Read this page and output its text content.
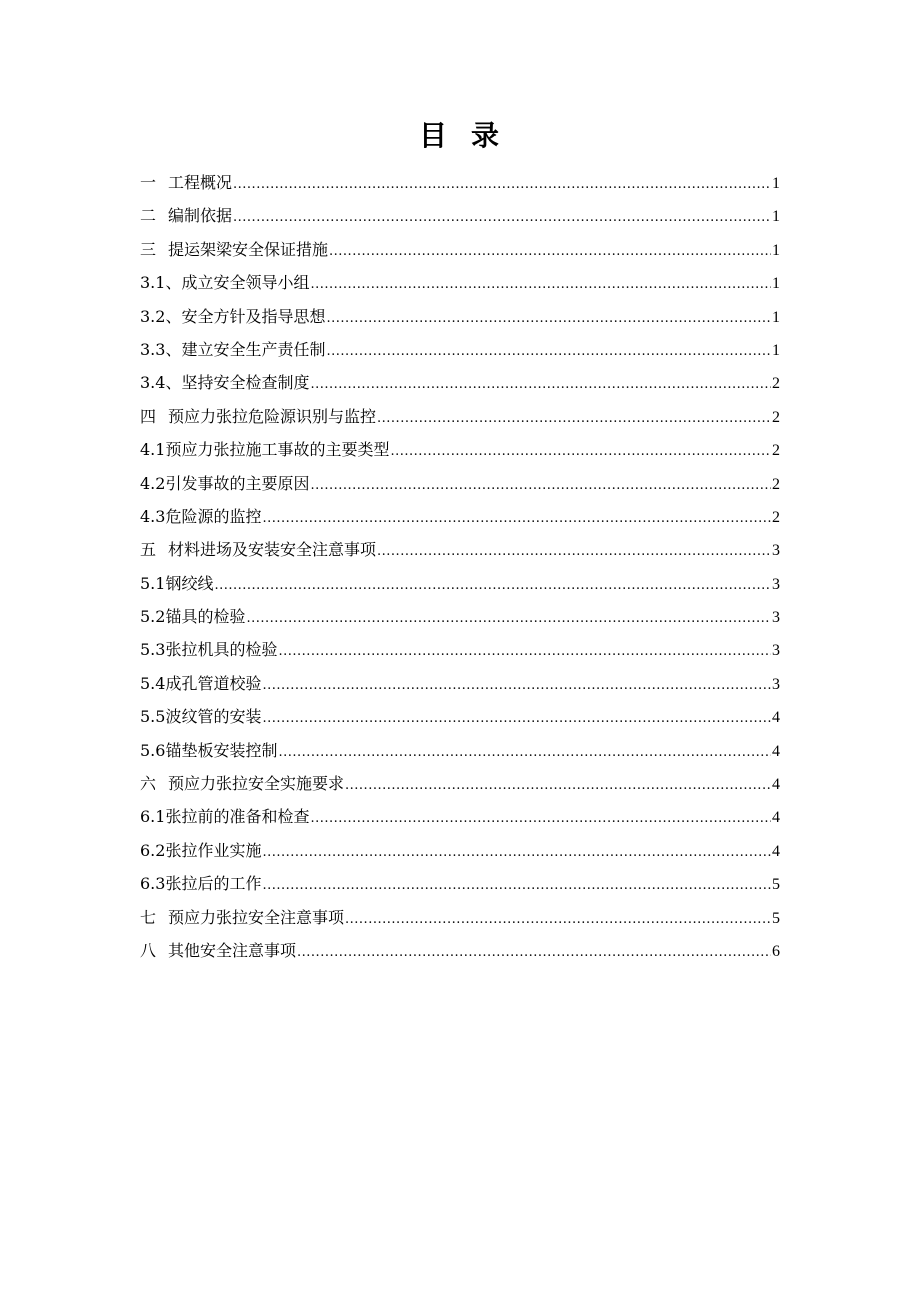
目 录
一 工程概况 .....	1
二 编制依据 .....	1
三 提运架梁安全保证措施 .....	1
3.1、 成立安全领导小组 .....	1
3.2、 安全方针及指导思想 .....	1
3.3、 建立安全生产责任制 .....	1
3.4、 坚持安全检查制度 .....	2
四 预应力张拉危险源识别与监控 .....	2
4.1 预应力张拉施工事故的主要类型 .....	2
4.2 引发事故的主要原因 .....	2
4.3 危险源的监控 .....	2
五 材料进场及安装安全注意事项 .....	3
5.1 钢绞线 .....	3
5.2 锚具的检验 .....	3
5.3 张拉机具的检验 .....	3
5.4 成孔管道校验 .....	3
5.5 波纹管的安装 .....	4
5.6 锚垫板安装控制 .....	4
六 预应力张拉安全实施要求 .....	4
6.1 张拉前的准备和检查 .....	4
6.2 张拉作业实施 .....	4
6.3 张拉后的工作 .....	5
七 预应力张拉安全注意事项 .....	5
八 其他安全注意事项 .....	6
